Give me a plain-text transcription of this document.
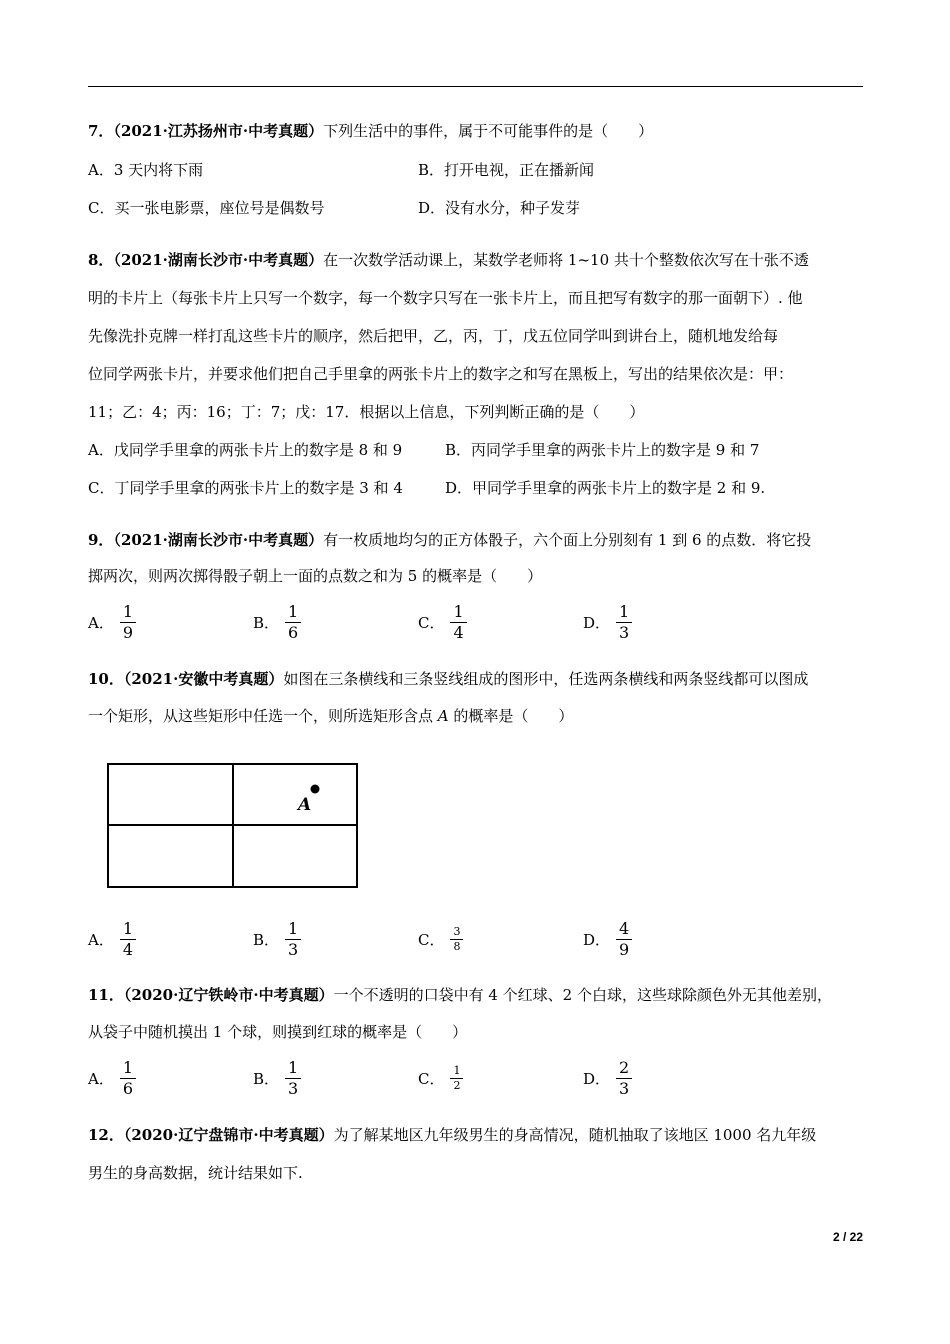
7．（2021·江苏扬州市·中考真题）下列生活中的事件，属于不可能事件的是（　　）
A．3 天内将下雨	B．打开电视，正在播新闻
C．买一张电影票，座位号是偶数号	D．没有水分，种子发芽
8．（2021·湖南长沙市·中考真题）在一次数学活动课上，某数学老师将 1~10 共十个整数依次写在十张不透
明的卡片上（每张卡片上只写一个数字，每一个数字只写在一张卡片上，而且把写有数字的那一面朝下）. 他
先像洗扑克牌一样打乱这些卡片的顺序，然后把甲，乙，丙，丁，戊五位同学叫到讲台上，随机地发给每
位同学两张卡片，并要求他们把自己手里拿的两张卡片上的数字之和写在黑板上，写出的结果依次是：甲：
11；乙：4；丙：16；丁：7；戊：17．根据以上信息，下列判断正确的是（　　）
A．戊同学手里拿的两张卡片上的数字是 8 和 9	B．丙同学手里拿的两张卡片上的数字是 9 和 7
C．丁同学手里拿的两张卡片上的数字是 3 和 4	D．甲同学手里拿的两张卡片上的数字是 2 和 9.
9．（2021·湖南长沙市·中考真题）有一枚质地均匀的正方体骰子，六个面上分别刻有 1 到 6 的点数．将它投
掷两次，则两次掷得骰子朝上一面的点数之和为 5 的概率是（　　）
A． $\frac{1}{9}$	B． $\frac{1}{6}$	C． $\frac{1}{4}$	D． $\frac{1}{3}$
10．（2021·安徽中考真题）如图在三条横线和三条竖线组成的图形中，任选两条横线和两条竖线都可以图成
一个矩形，从这些矩形中任选一个，则所选矩形含点 A 的概率是（　　）
A
A． $\frac{1}{4}$	B． $\frac{1}{3}$	C． $\frac{3}{8}$	D． $\frac{4}{9}$
11．（2020·辽宁铁岭市·中考真题）一个不透明的口袋中有 4 个红球、2 个白球，这些球除颜色外无其他差别，
从袋子中随机摸出 1 个球，则摸到红球的概率是（　　）
A． $\frac{1}{6}$	B． $\frac{1}{3}$	C． $\frac{1}{2}$	D． $\frac{2}{3}$
12．（2020·辽宁盘锦市·中考真题）为了解某地区九年级男生的身高情况，随机抽取了该地区 1000 名九年级
男生的身高数据，统计结果如下.
2 / 22
